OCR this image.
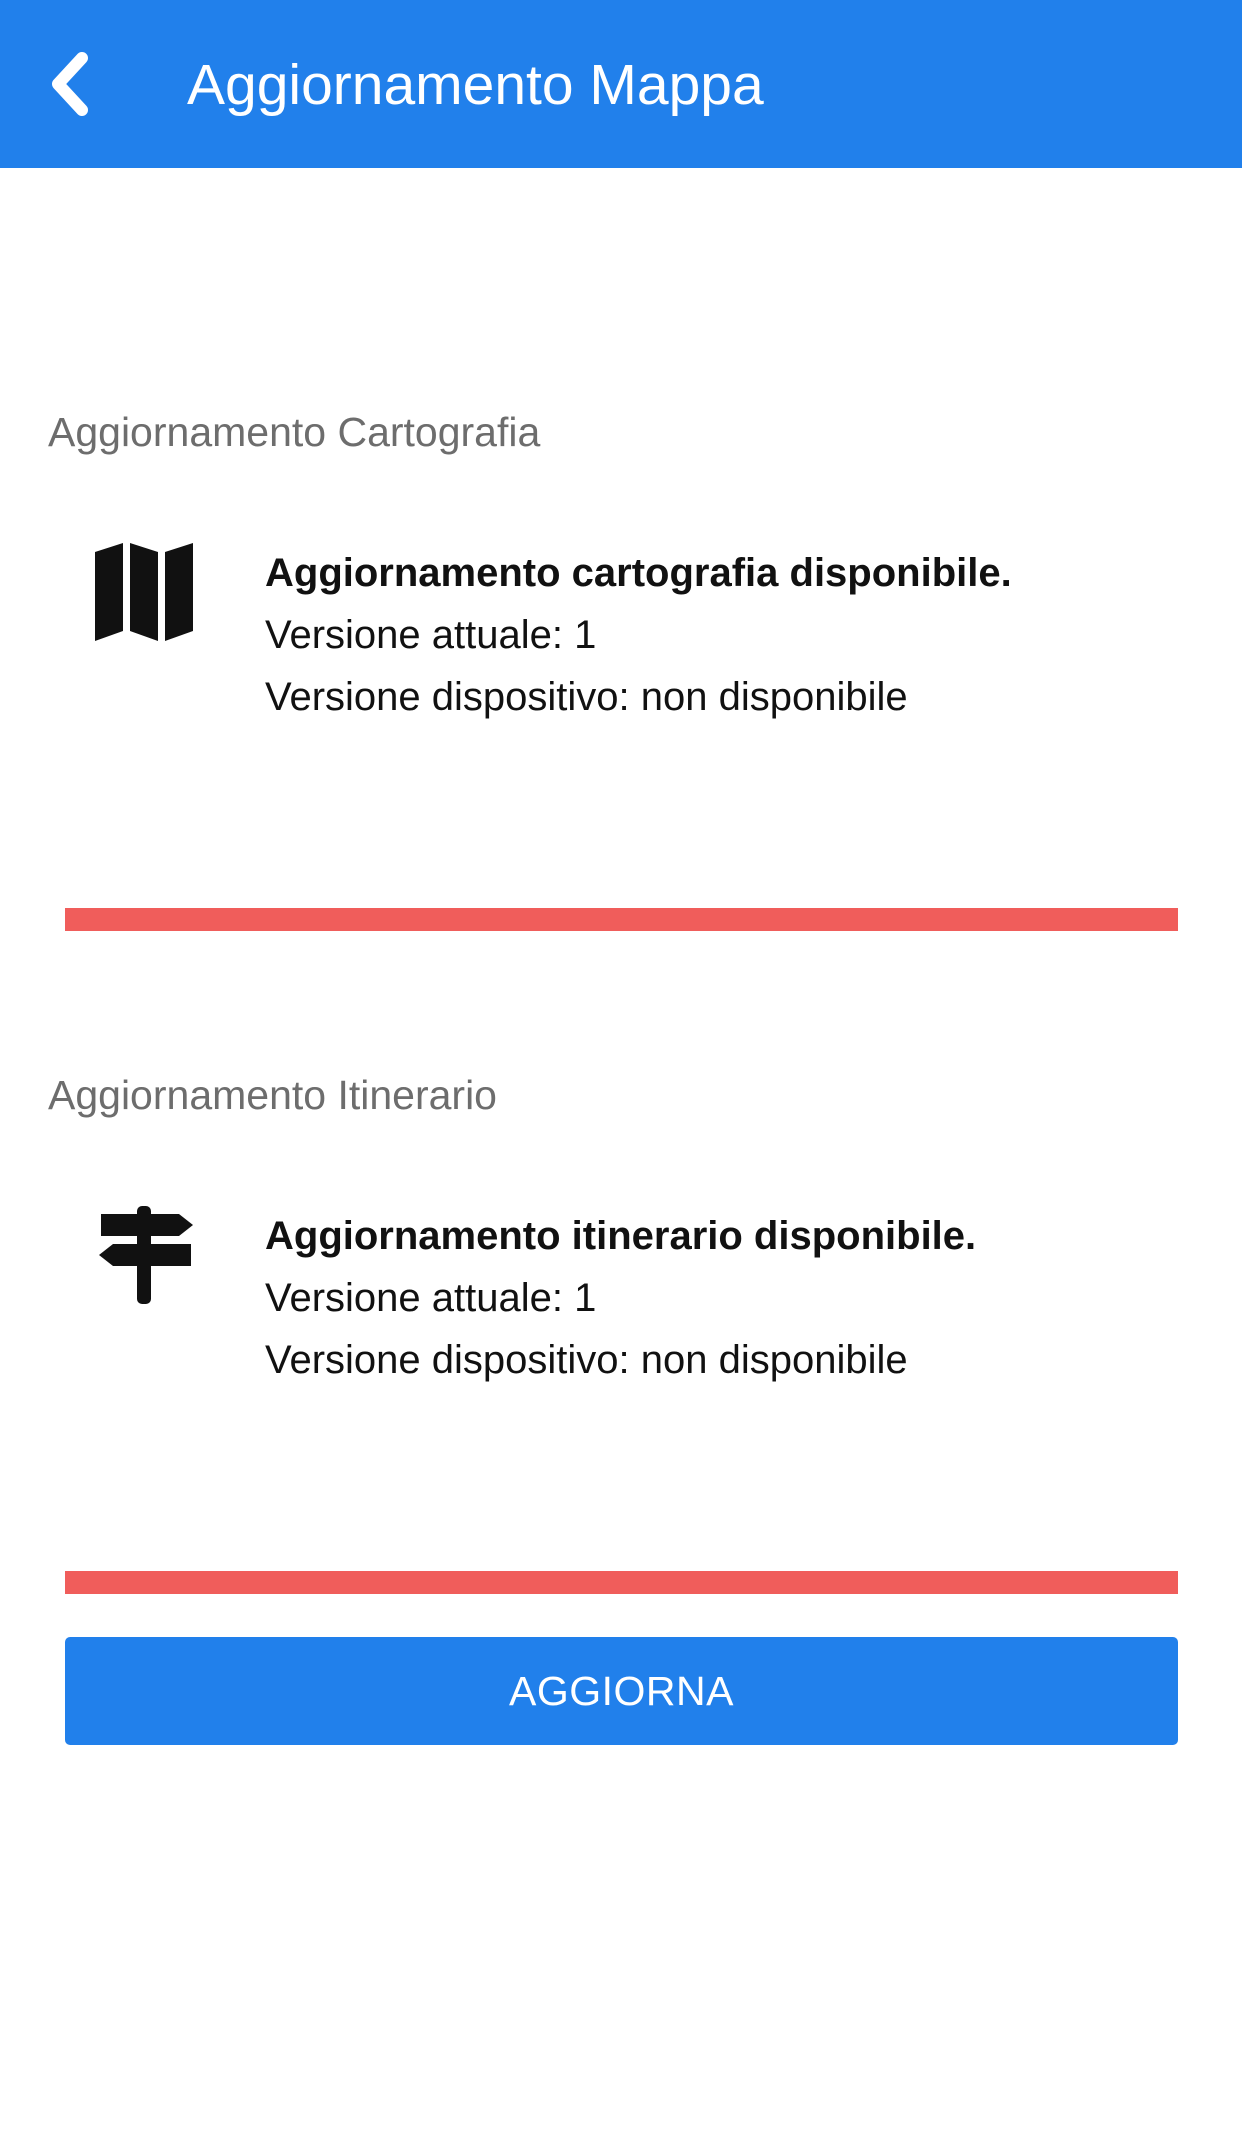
Aggiornamento Mappa
Aggiornamento Cartografia
Aggiornamento cartografia disponibile.
Versione attuale: 1
Versione dispositivo: non disponibile
Aggiornamento Itinerario
Aggiornamento itinerario disponibile.
Versione attuale: 1
Versione dispositivo: non disponibile
AGGIORNA
